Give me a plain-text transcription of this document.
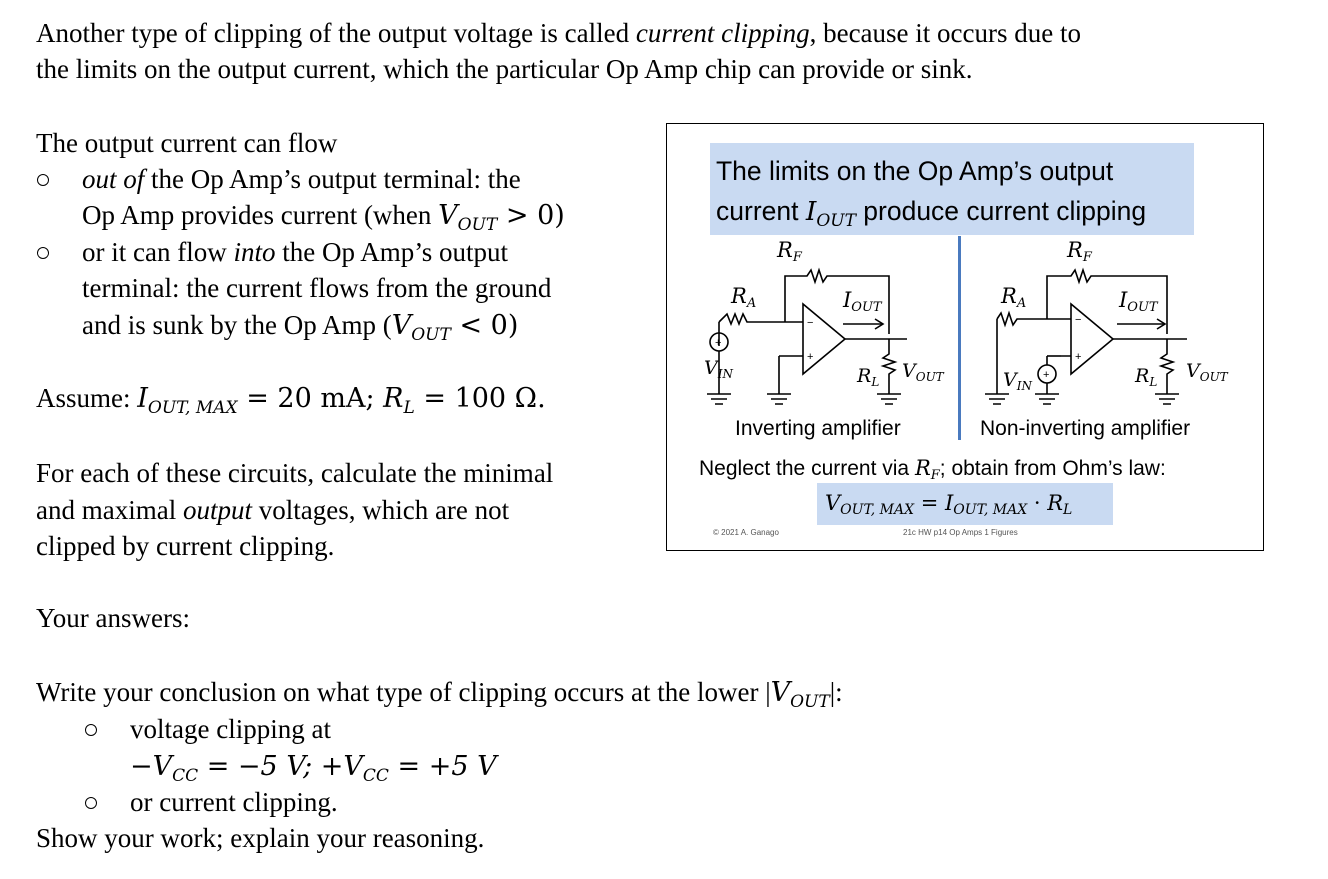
Another type of clipping of the output voltage is called current clipping, because it occurs due to
the limits on the output current, which the particular Op Amp chip can provide or sink.
The output current can flow
out of the Op Amp’s output terminal: the
Op Amp provides current (when $V_{OUT} > 0$)
or it can flow into the Op Amp’s output
terminal: the current flows from the ground
and is sunk by the Op Amp $(V_{OUT} < 0)$
Assume: $I_{OUT, MAX} = 20$ mA; $R_L = 100$ Ω.
For each of these circuits, calculate the minimal
and maximal output voltages, which are not
clipped by current clipping.
Your answers:
Write your conclusion on what type of clipping occurs at the lower $|V_{OUT}|$:
voltage clipping at
$-V_{CC} = -5$ V; $+V_{CC} = +5$ V
or current clipping.
Show your work; explain your reasoning.
The limits on the Op Amp’s output
current $I_{OUT}$ produce current clipping
+
+
−
+
−
+
RF	RF
RA	RA
IOUT	IOUT
$V_{IN}$	$V_{IN}$
$R_L$	$R_L$
$V_{OUT}$	$V_{OUT}$
Inverting amplifier	Non-inverting amplifier
Neglect the current via RF; obtain from Ohm’s law:
VOUT, MAX = IOUT, MAX · RL
© 2021 A. Ganago	21c HW p14 Op Amps 1 Figures
